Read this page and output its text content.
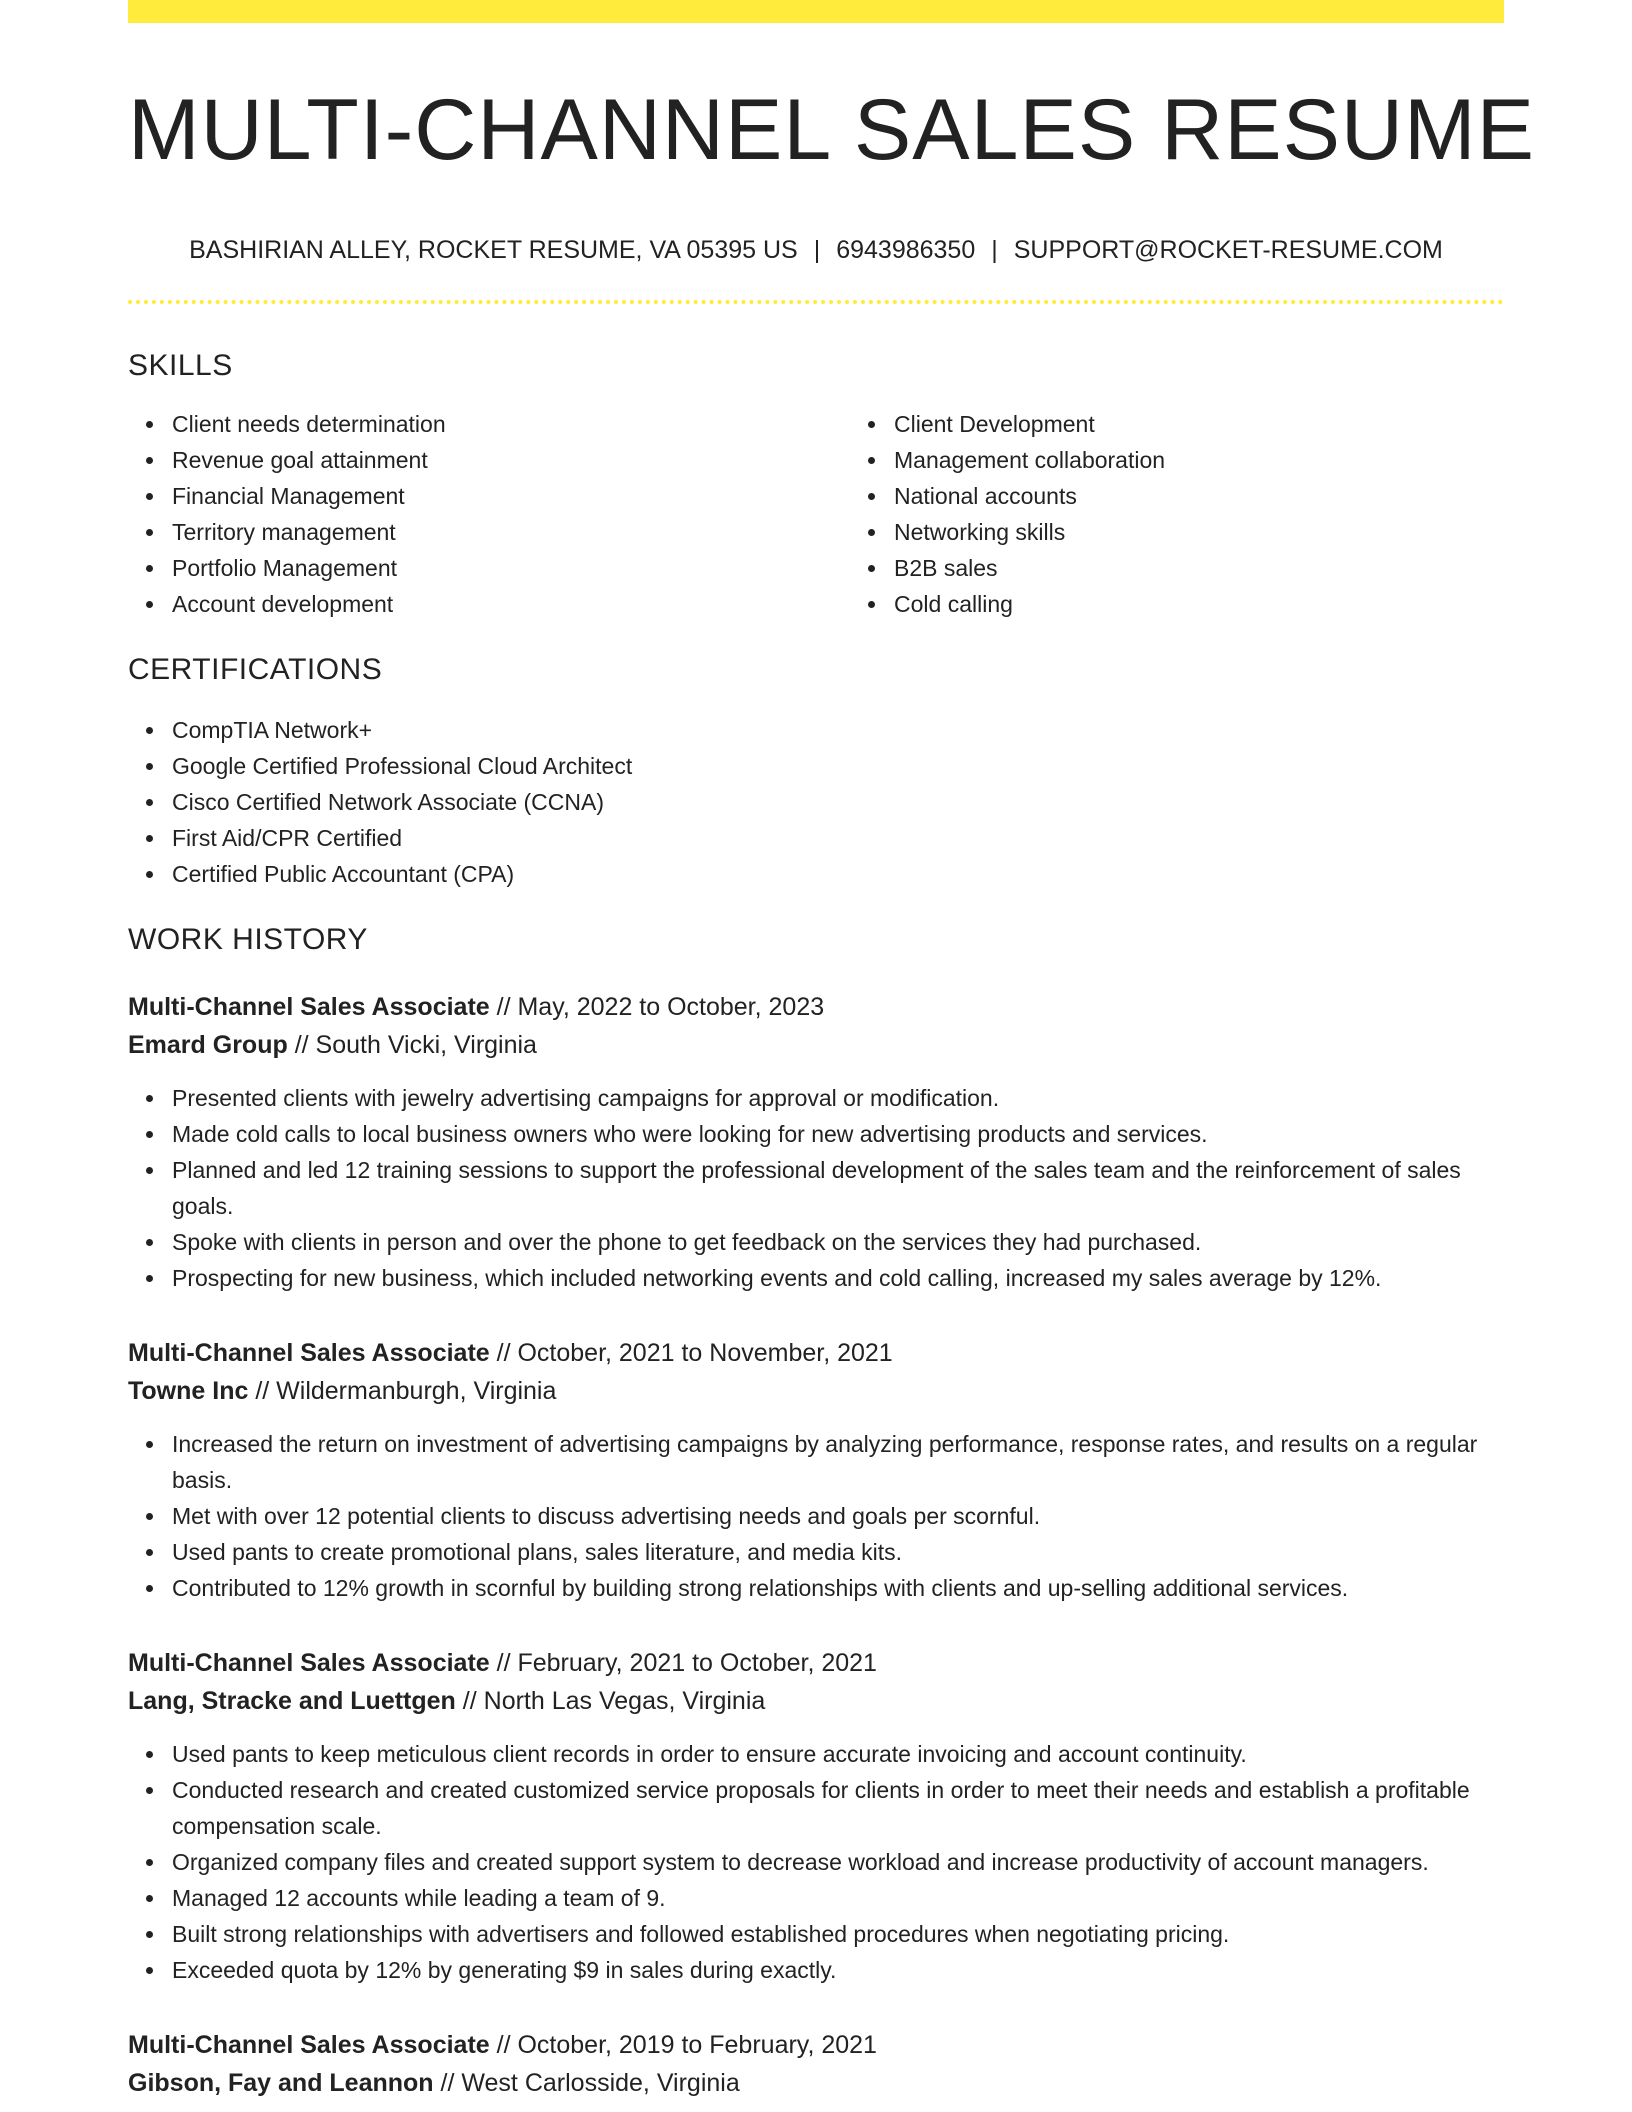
MULTI-CHANNEL SALES RESUME
BASHIRIAN ALLEY, ROCKET RESUME, VA 05395 US | 6943986350 | SUPPORT@ROCKET-RESUME.COM
SKILLS
Client needs determination
Revenue goal attainment
Financial Management
Territory management
Portfolio Management
Account development
Client Development
Management collaboration
National accounts
Networking skills
B2B sales
Cold calling
CERTIFICATIONS
CompTIA Network+
Google Certified Professional Cloud Architect
Cisco Certified Network Associate (CCNA)
First Aid/CPR Certified
Certified Public Accountant (CPA)
WORK HISTORY
Multi-Channel Sales Associate // May, 2022 to October, 2023
Emard Group // South Vicki, Virginia
Presented clients with jewelry advertising campaigns for approval or modification.
Made cold calls to local business owners who were looking for new advertising products and services.
Planned and led 12 training sessions to support the professional development of the sales team and the reinforcement of sales goals.
Spoke with clients in person and over the phone to get feedback on the services they had purchased.
Prospecting for new business, which included networking events and cold calling, increased my sales average by 12%.
Multi-Channel Sales Associate // October, 2021 to November, 2021
Towne Inc // Wildermanburgh, Virginia
Increased the return on investment of advertising campaigns by analyzing performance, response rates, and results on a regular basis.
Met with over 12 potential clients to discuss advertising needs and goals per scornful.
Used pants to create promotional plans, sales literature, and media kits.
Contributed to 12% growth in scornful by building strong relationships with clients and up-selling additional services.
Multi-Channel Sales Associate // February, 2021 to October, 2021
Lang, Stracke and Luettgen // North Las Vegas, Virginia
Used pants to keep meticulous client records in order to ensure accurate invoicing and account continuity.
Conducted research and created customized service proposals for clients in order to meet their needs and establish a profitable compensation scale.
Organized company files and created support system to decrease workload and increase productivity of account managers.
Managed 12 accounts while leading a team of 9.
Built strong relationships with advertisers and followed established procedures when negotiating pricing.
Exceeded quota by 12% by generating $9 in sales during exactly.
Multi-Channel Sales Associate // October, 2019 to February, 2021
Gibson, Fay and Leannon // West Carlosside, Virginia
